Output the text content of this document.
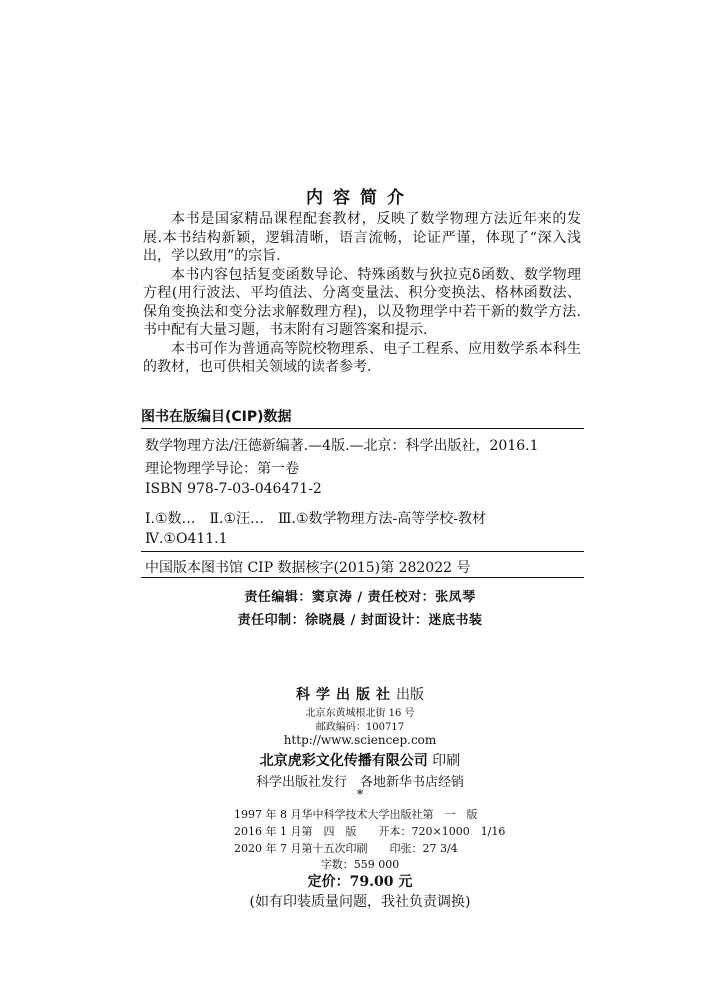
内容简介

本书是国家精品课程配套教材，反映了数学物理方法近年来的发展.本书结构新颖，逻辑清晰，语言流畅，论证严谨，体现了“深入浅出，学以致用”的宗旨.

本书内容包括复变函数导论、特殊函数与狄拉克δ函数、数学物理方程(用行波法、平均值法、分离变量法、积分变换法、格林函数法、保角变换法和变分法求解数理方程)，以及物理学中若干新的数学方法.书中配有大量习题，书末附有习题答案和提示.

本书可作为普通高等院校物理系、电子工程系、应用数学系本科生的教材，也可供相关领域的读者参考.

图书在版编目(CIP)数据
数学物理方法/汪德新编著.—4版.—北京：科学出版社，2016.1
理论物理学导论：第一卷
ISBN 978-7-03-046471-2
Ⅰ.①数…　Ⅱ.①汪…　Ⅲ.①数学物理方法-高等学校-教材
Ⅳ.①O411.1
中国版本图书馆 CIP 数据核字(2015)第 282022 号
责任编辑：窦京涛 / 责任校对：张凤琴
责任印制：徐晓晨 / 封面设计：迷底书装
科学出版社出版
北京东黄城根北街 16 号
邮政编码：100717
http://www.sciencep.com
北京虎彩文化传播有限公司 印刷
科学出版社发行　各地新华书店经销
*
1997 年 8 月华中科学技术大学出版社第　一　版
2016 年 1 月第　四　版　　开本：720×1000　1/16
2020 年 7 月第十五次印刷　　印张：27 3/4
字数：559 000
定价：79.00 元
(如有印装质量问题，我社负责调换)
